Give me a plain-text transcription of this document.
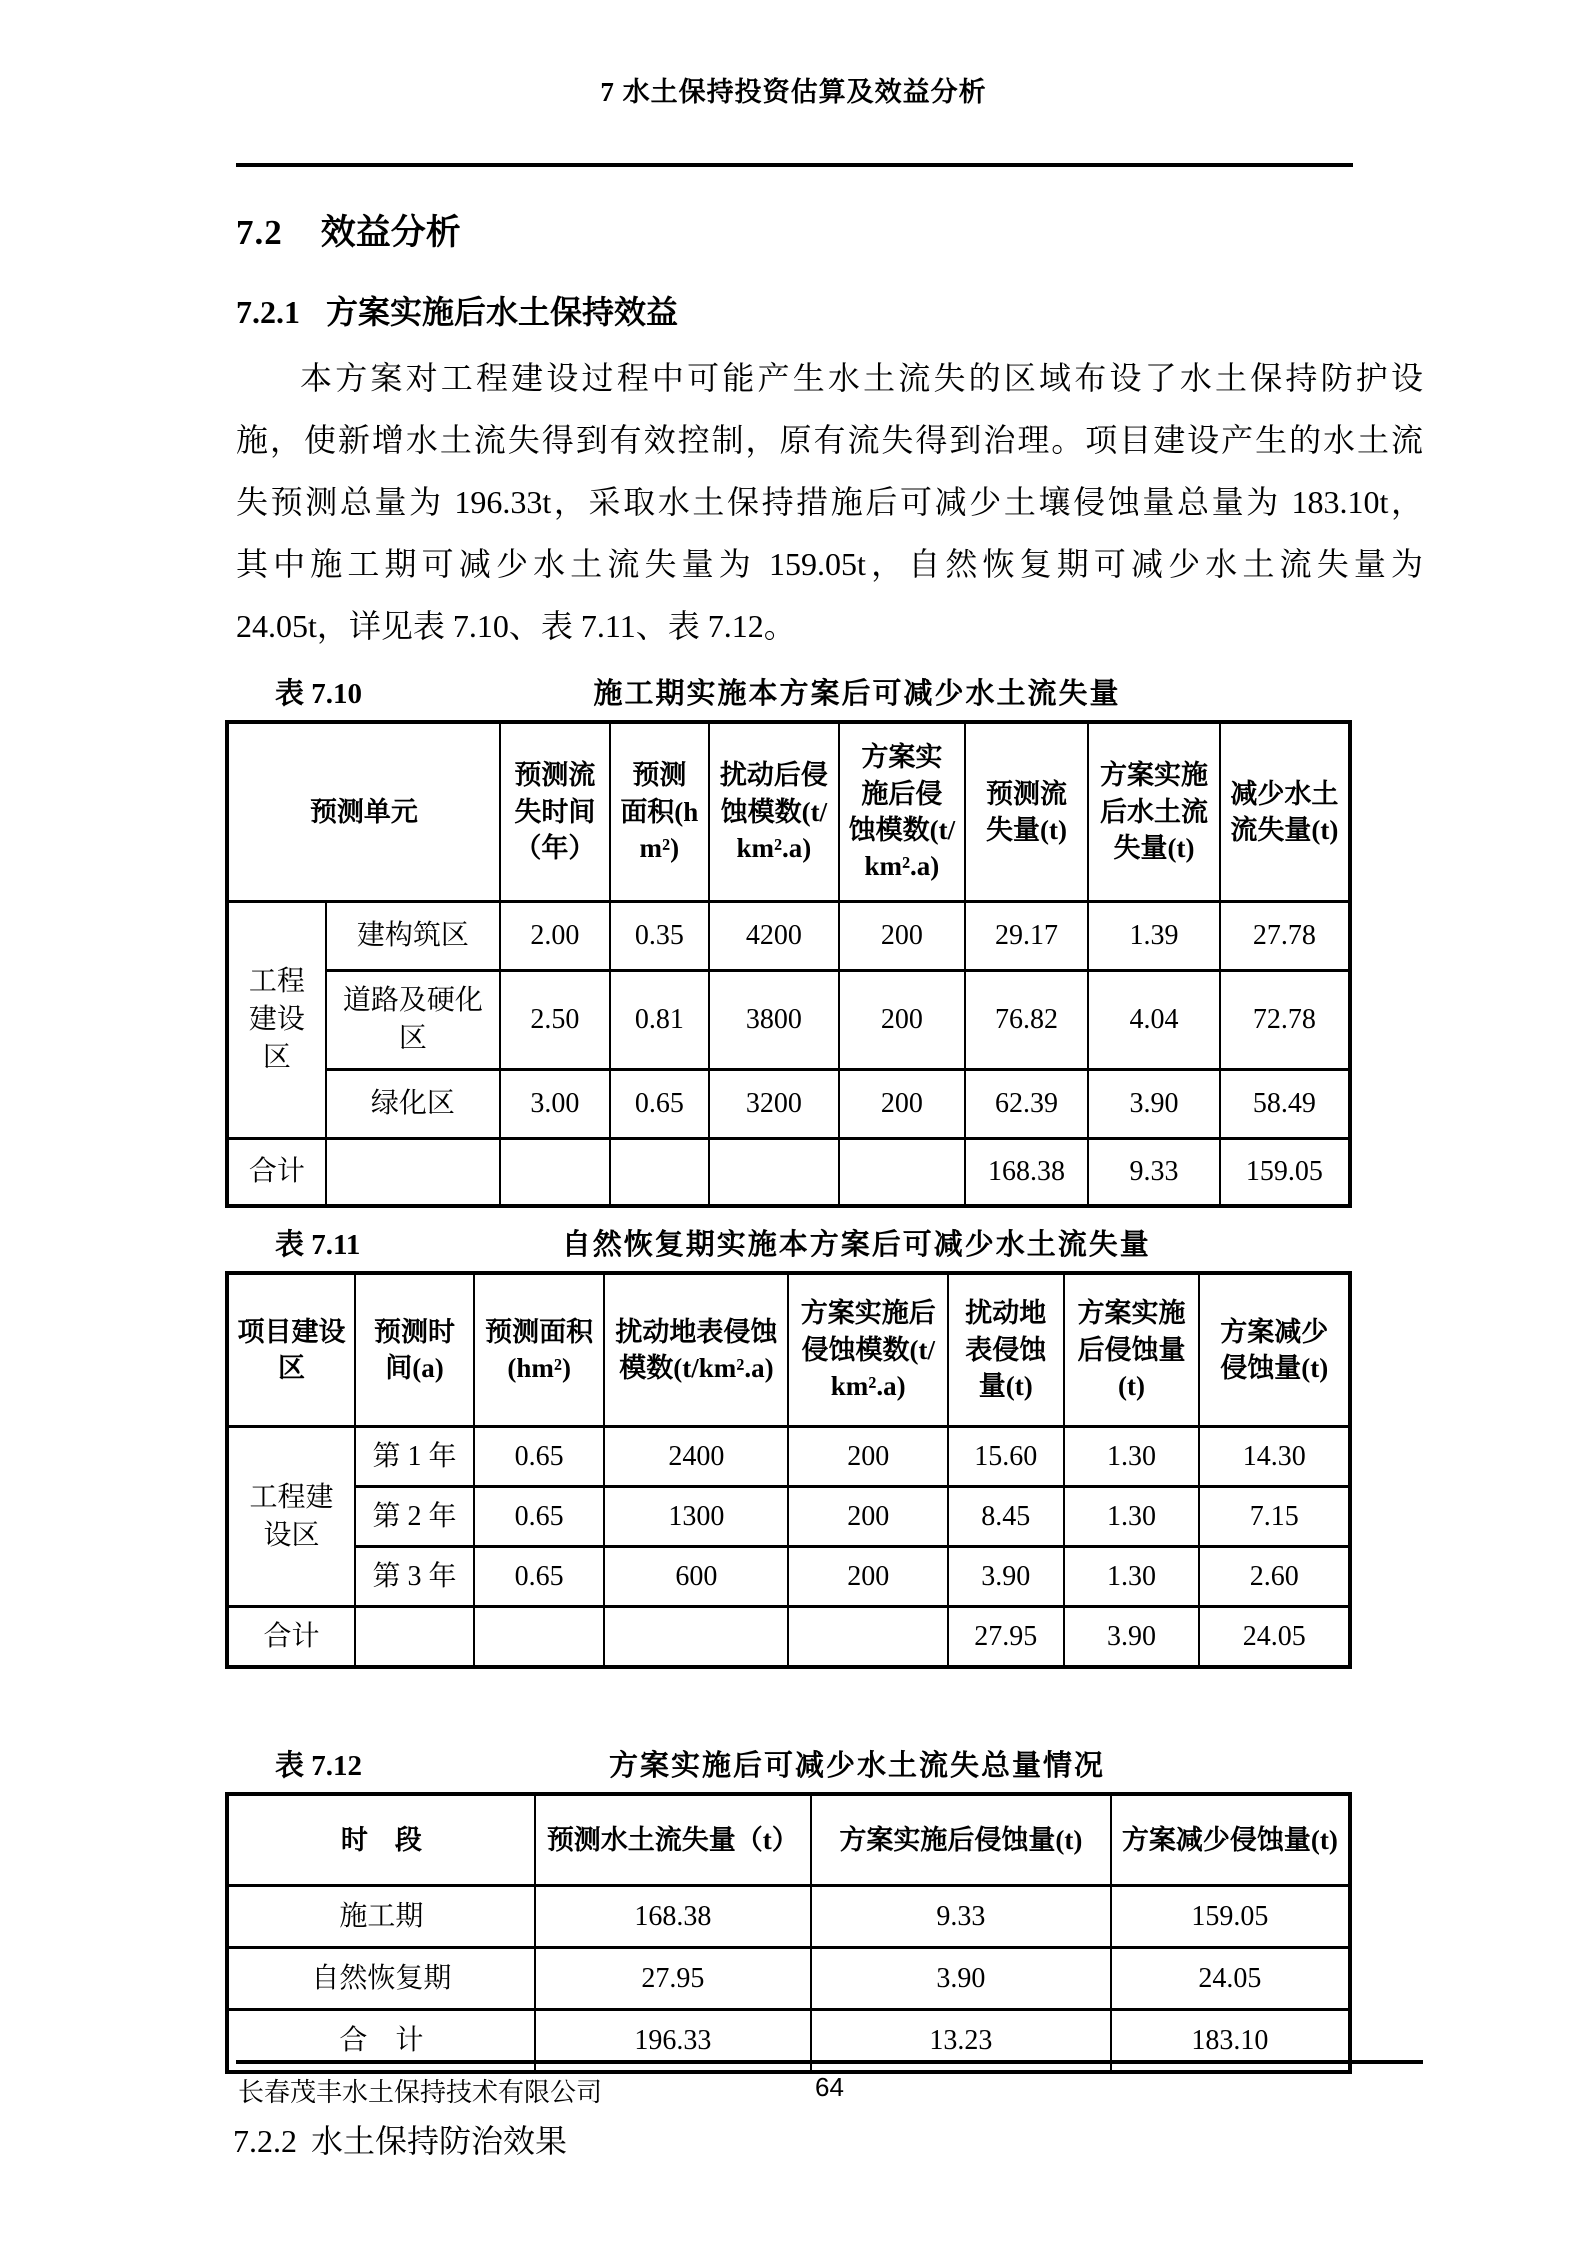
7 水土保持投资估算及效益分析
7.2 效益分析
7.2.1 方案实施后水土保持效益
本方案对工程建设过程中可能产生水土流失的区域布设了水土保持防护设
施，使新增水土流失得到有效控制，原有流失得到治理。项目建设产生的水土流
失预测总量为 196.33t，采取水土保持措施后可减少土壤侵蚀量总量为 183.10t，
其中施工期可减少水土流失量为 159.05t，自然恢复期可减少水土流失量为
24.05t，详见表 7.10、表 7.11、表 7.12。
表 7.10	施工期实施本方案后可减少水土流失量
预测单元		预测流失时间（年）	预测面积(hm²)	扰动后侵蚀模数(t/km².a)	方案实施后侵蚀模数(t/km².a)	预测流失量(t)	方案实施后水土流失量(t)	减少水土流失量(t)
工程建设区	建构筑区	2.00	0.35	4200	200	29.17	1.39	27.78
	道路及硬化区	2.50	0.81	3800	200	76.82	4.04	72.78
	绿化区	3.00	0.65	3200	200	62.39	3.90	58.49
合计						168.38	9.33	159.05
表 7.11	自然恢复期实施本方案后可减少水土流失量
项目建设区	预测时间(a)	预测面积(hm²)	扰动地表侵蚀模数(t/km².a)	方案实施后侵蚀模数(t/km².a)	扰动地表侵蚀量(t)	方案实施后侵蚀量(t)	方案减少侵蚀量(t)
工程建设区	第 1 年	0.65	2400	200	15.60	1.30	14.30
	第 2 年	0.65	1300	200	8.45	1.30	7.15
	第 3 年	0.65	600	200	3.90	1.30	2.60
合计					27.95	3.90	24.05
表 7.12	方案实施后可减少水土流失总量情况
时　段	预测水土流失量（t）	方案实施后侵蚀量(t)	方案减少侵蚀量(t)
施工期	168.38	9.33	159.05
自然恢复期	27.95	3.90	24.05
合　计	196.33	13.23	183.10
7.2.2 水土保持防治效果
64
长春茂丰水土保持技术有限公司
